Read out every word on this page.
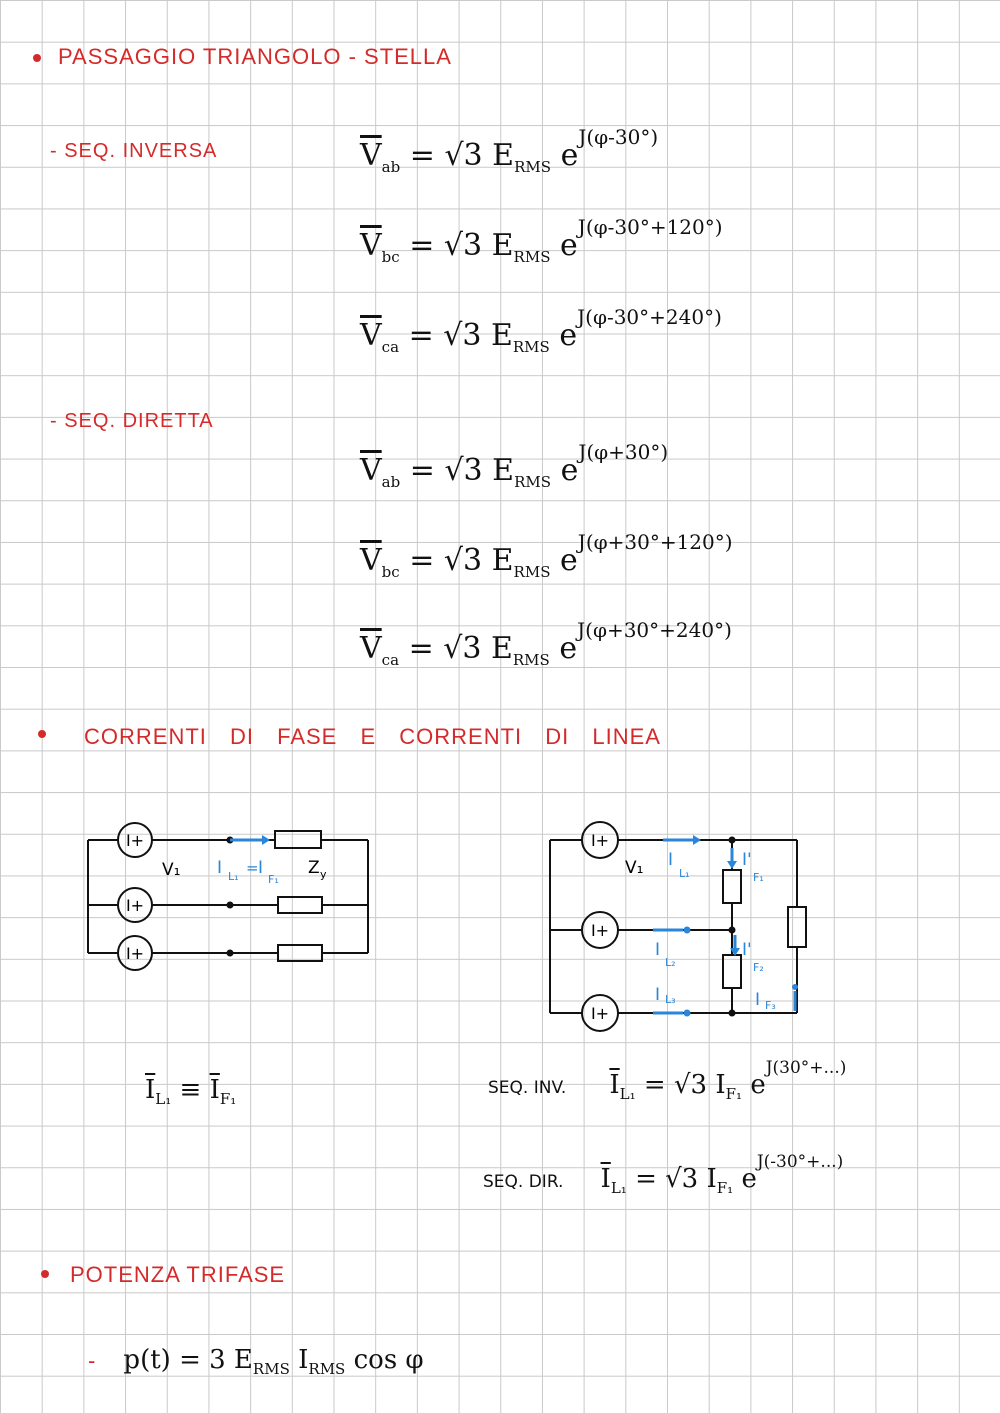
PASSAGGIO TRIANGOLO - STELLA
- SEQ. INVERSA	$\overline{V}_{ab} = √3$ $E_{RMS}$ $e^{J(\varphi-30^\circ)}$
$\overline{V}_{bc} = √3$ $E_{RMS}$ $e^{J(\varphi-30^\circ+120^\circ)}$
$\overline{V}_{ca} = √3$ $E_{RMS}$ $e^{J(\varphi-30^\circ+240^\circ)}$
- SEQ. DIRETTA
$\overline{V}_{ab} = √3$ $E_{RMS}$ $e^{J(\varphi+30^\circ)}$
$\overline{V}_{bc} = √3$ $E_{RMS}$ $e^{J(\varphi+30^\circ+120^\circ)}$
$\overline{V}_{ca} = √3$ $E_{RMS}$ $e^{J(\varphi+30^\circ+240^\circ)}$
CORRENTI DI FASE E CORRENTI DI LINEA
I+
I+
I+
V₁ I L₁ = I
F₁
Z y
I+
I+
I+
V₁ I
L₁
I
L₂
I L₃
I'
F₁
I'
F₂
I F₃
$\overline{I}_{L_1} \equiv \overline{I}_{F_1}$
SEQ. INV. $\overline{I}_{L_1} = √3$ $I_{F_1}$ $e^{J(30^\circ+...)}$
SEQ. DIR. $\overline{I}_{L_1} = √3$ $I_{F_1}$ $e^{J(-30^\circ+...)}$
POTENZA TRIFASE
- p(t) = 3 $E_{RMS}$ $I_{RMS}$ cos φ
